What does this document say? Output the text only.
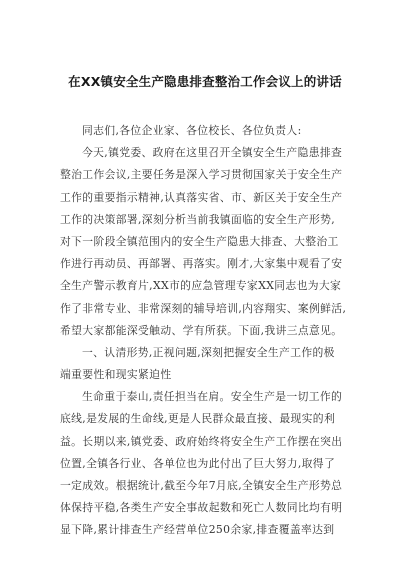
在XX镇安全生产隐患排查整治工作会议上的讲话
同志们,各位企业家、各位校长、各位负责人:
今天,镇党委、政府在这里召开全镇安全生产隐患排查
整治工作会议,主要任务是深入学习贯彻国家关于安全生产
工作的重要指示精神,认真落实省、市、新区关于安全生产
工作的决策部署,深刻分析当前我镇面临的安全生产形势,
对下一阶段全镇范围内的安全生产隐患大排查、大整治工
作进行再动员、再部署、再落实。刚才,大家集中观看了安
全生产警示教育片,XX市的应急管理专家XX同志也为大家
作了非常专业、非常深刻的辅导培训,内容翔实、案例鲜活,
希望大家都能深受触动、学有所获。下面,我讲三点意见。
一、认清形势,正视问题,深刻把握安全生产工作的极
端重要性和现实紧迫性
生命重于泰山,责任担当在肩。安全生产是一切工作的
底线,是发展的生命线,更是人民群众最直接、最现实的利
益。长期以来,镇党委、政府始终将安全生产工作摆在突出
位置,全镇各行业、各单位也为此付出了巨大努力,取得了
一定成效。根据统计,截至今年7月底,全镇安全生产形势总
体保持平稳,各类生产安全事故起数和死亡人数同比均有明
显下降,累计排查生产经营单位250余家,排查覆盖率达到
